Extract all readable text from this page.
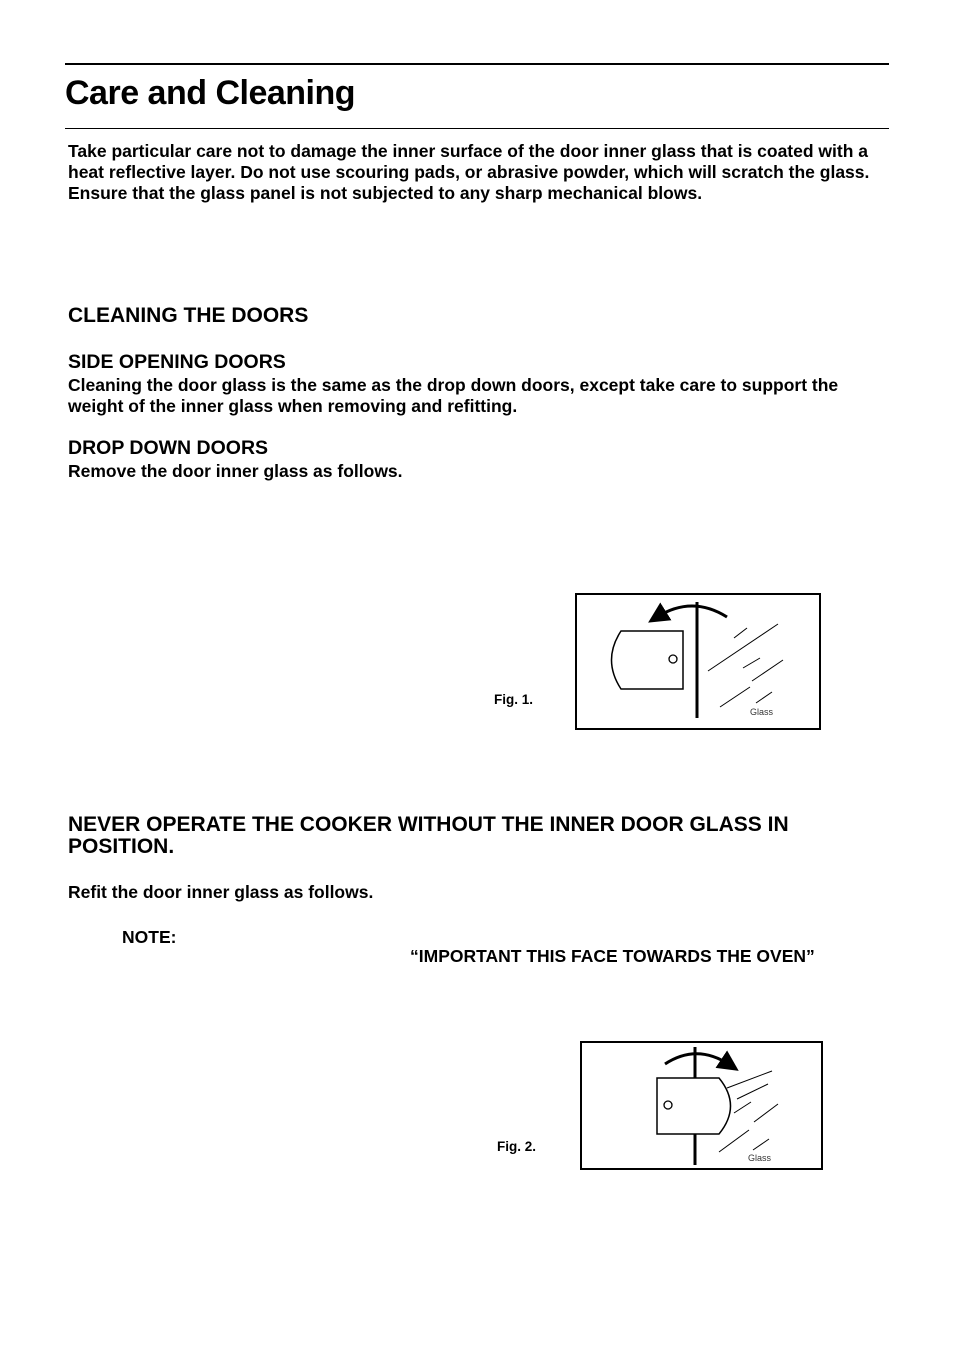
Care and Cleaning
Take particular care not to damage the inner surface of the door inner glass that is coated with a heat reflective layer. Do not use scouring pads, or abrasive powder, which will scratch the glass. Ensure that the glass panel is not subjected to any sharp mechanical blows.
CLEANING THE DOORS
SIDE OPENING DOORS
Cleaning the door glass is the same as the drop down doors, except take care to support the weight of the inner glass when removing and refitting.
DROP DOWN DOORS
Remove the door inner glass as follows.
Fig. 1.
Glass
NEVER OPERATE THE COOKER WITHOUT THE INNER DOOR GLASS IN POSITION.
Refit the door inner glass as follows.
NOTE:
“IMPORTANT THIS FACE TOWARDS THE OVEN”
Fig. 2.
Glass
